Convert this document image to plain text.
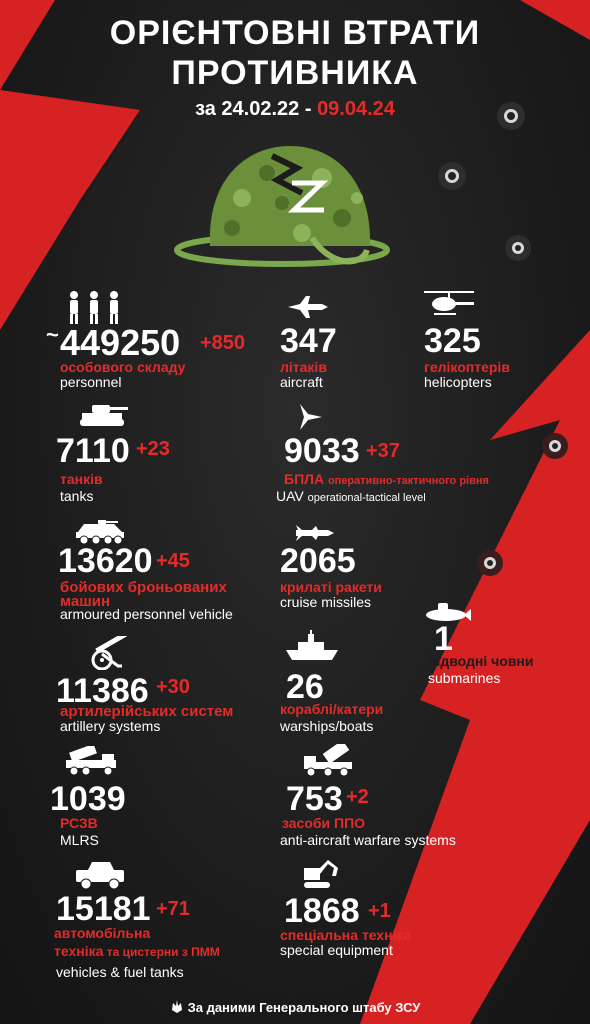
ОРІЄНТОВНІ ВТРАТИ
ПРОТИВНИКА
за 24.02.22 - 09.04.24
~ 449250 +850
особового складу
personnel
347
літаків
aircraft
325
гелікоптерів
helicopters
7110 +23
танків
tanks
9033 +37
БПЛА оперативно-тактичного рівня
UAV operational-tactical level
13620 +45
бойових броньованих
машин
armoured personnel vehicle
2065
крилаті ракети
cruise missiles
1
підводні човни
submarines
11386 +30
артилерійських систем
artillery systems
26
кораблі/катери
warships/boats
1039
РСЗВ
MLRS
753 +2
засоби ППО
anti-aircraft warfare systems
15181 +71
автомобільна
техніка та цистерни з ПММ
vehicles & fuel tanks
1868 +1
спеціальна техніка
special equipment
За даними Генерального штабу ЗСУ
